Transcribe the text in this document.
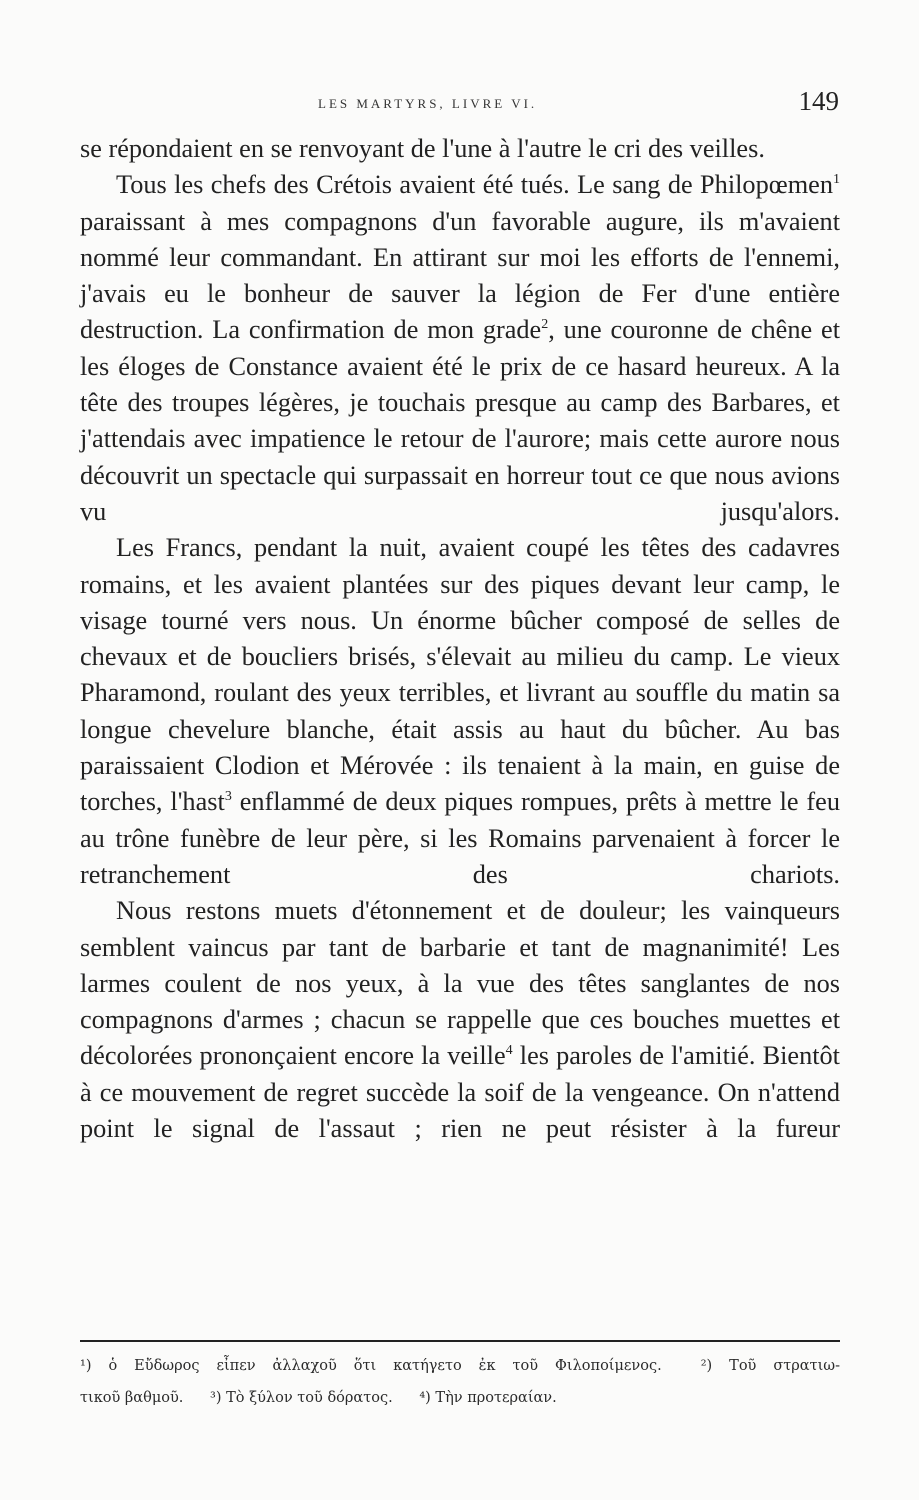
LES MARTYRS, LIVRE VI.	149

se répondaient en se renvoyant de l'une à l'autre le cri des veilles.

Tous les chefs des Crétois avaient été tués. Le sang de Philopœmen$^1$ paraissant à mes compagnons d'un favorable augure, ils m'avaient nommé leur commandant. En attirant sur moi les efforts de l'ennemi, j'avais eu le bonheur de sauver la légion de Fer d'une entière destruction. La confirmation de mon grade$^2$, une couronne de chêne et les éloges de Constance avaient été le prix de ce hasard heureux. A la tête des troupes légères, je touchais presque au camp des Barbares, et j'attendais avec impatience le retour de l'aurore; mais cette aurore nous découvrit un spectacle qui surpassait en horreur tout ce que nous avions vu jusqu'alors.

Les Francs, pendant la nuit, avaient coupé les têtes des cadavres romains, et les avaient plantées sur des piques devant leur camp, le visage tourné vers nous. Un énorme bûcher composé de selles de chevaux et de boucliers brisés, s'élevait au milieu du camp. Le vieux Pharamond, roulant des yeux terribles, et livrant au souffle du matin sa longue chevelure blanche, était assis au haut du bûcher. Au bas paraissaient Clodion et Mérovée : ils tenaient à la main, en guise de torches, l'hast$^3$ enflammé de deux piques rompues, prêts à mettre le feu au trône funèbre de leur père, si les Romains parvenaient à forcer le retranchement des chariots.

Nous restons muets d'étonnement et de douleur; les vainqueurs semblent vaincus par tant de barbarie et tant de magnanimité! Les larmes coulent de nos yeux, à la vue des têtes sanglantes de nos compagnons d'armes ; chacun se rappelle que ces bouches muettes et décolorées prononçaient encore la veille$^4$ les paroles de l'amitié. Bientôt à ce mouvement de regret succède la soif de la vengeance. On n'attend point le signal de l'assaut ; rien ne peut résister à la fureur

¹) ὁ Εὔδωρος εἶπεν ἀλλαχοῦ ὅτι κατήγετο ἐκ τοῦ Φιλοποίμενος.	²) Τοῦ στρατιω-

τικοῦ βαθμοῦ. ³) Τὸ ξύλον τοῦ δόρατος. ⁴) Τὴν προτεραίαν.
